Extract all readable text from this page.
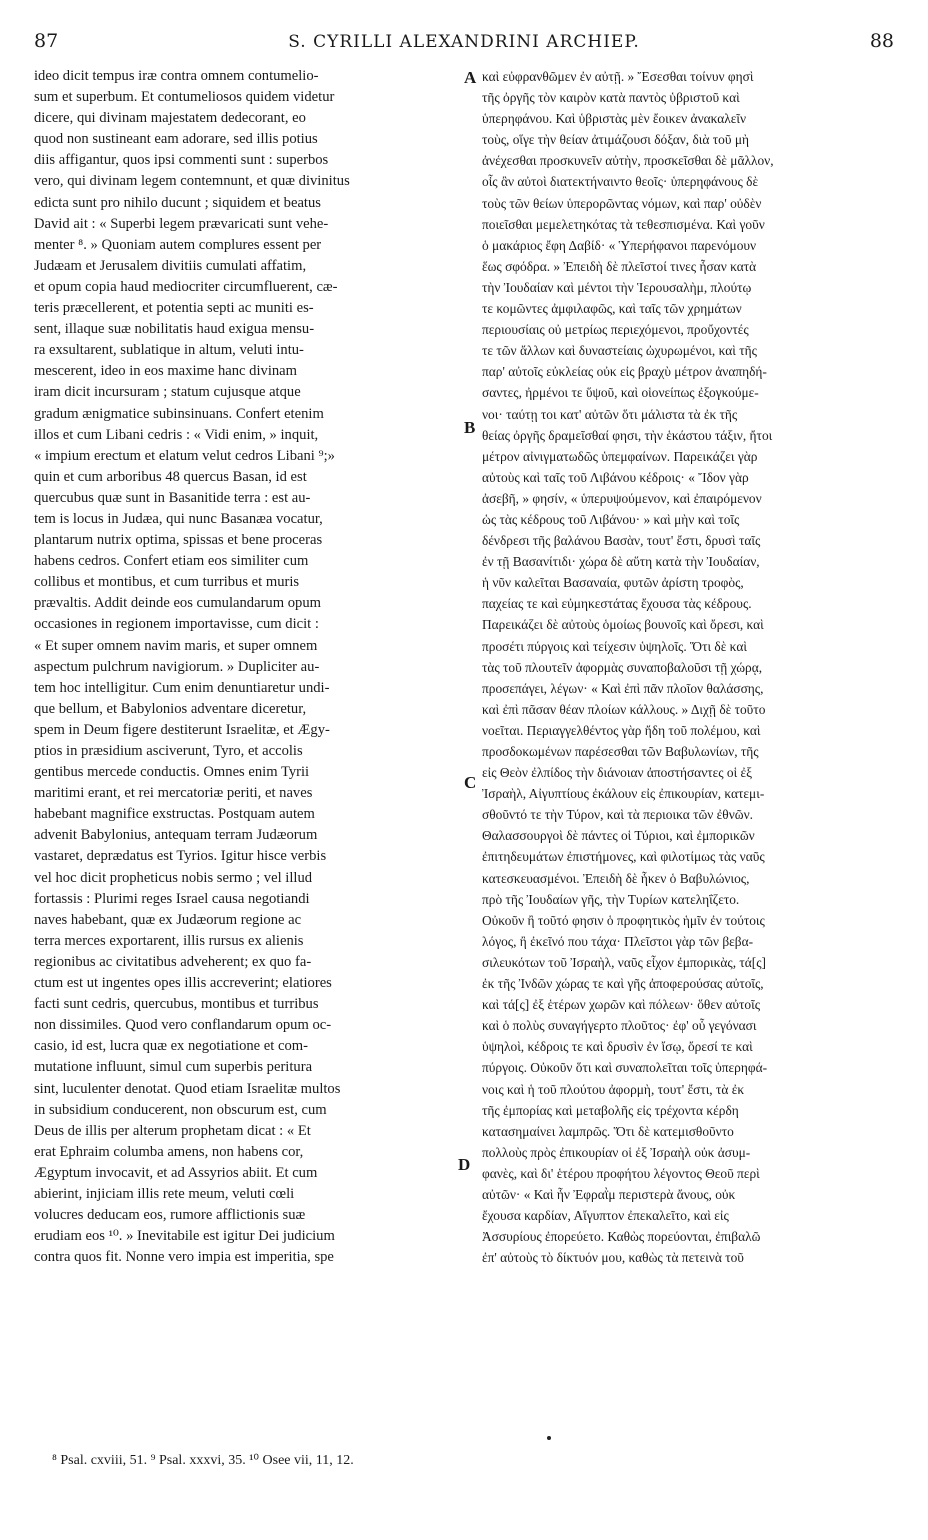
87	S. CYRILLI ALEXANDRINI ARCHIEP.	88
ideo dicit tempus iræ contra omnem contumelio-
sum et superbum. Et contumeliosos quidem videtur
dicere, qui divinam majestatem dedecorant, eo
quod non sustineant eam adorare, sed illis potius
diis affigantur, quos ipsi commenti sunt : superbos
vero, qui divinam legem contemnunt, et quæ divinitus
edicta sunt pro nihilo ducunt ; siquidem et beatus
David ait : « Superbi legem prævaricati sunt vehe-
menter ⁸. » Quoniam autem complures essent per
Judæam et Jerusalem divitiis cumulati affatim,
et opum copia haud mediocriter circumfluerent, cæ-
teris præcellerent, et potentia septi ac muniti es-
sent, illaque suæ nobilitatis haud exigua mensu-
ra exsultarent, sublatique in altum, veluti intu-
mescerent, ideo in eos maxime hanc divinam
iram dicit incursuram ; statum cujusque atque
gradum ænigmatice subinsinuans. Confert etenim
illos et cum Libani cedris : « Vidi enim, » inquit,
« impium erectum et elatum velut cedros Libani ⁹;»
quin et cum arboribus 48 quercus Basan, id est
quercubus quæ sunt in Basanitide terra : est au-
tem is locus in Judæa, qui nunc Basanæa vocatur,
plantarum nutrix optima, spissas et bene proceras
habens cedros. Confert etiam eos similiter cum
collibus et montibus, et cum turribus et muris
prævaltis. Addit deinde eos cumulandarum opum
occasiones in regionem importavisse, cum dicit :
« Et super omnem navim maris, et super omnem
aspectum pulchrum navigiorum. » Dupliciter au-
tem hoc intelligitur. Cum enim denuntiaretur undi-
que bellum, et Babylonios adventare diceretur,
spem in Deum figere destiterunt Israelitæ, et Ægy-
ptios in præsidium asciverunt, Tyro, et accolis
gentibus mercede conductis. Omnes enim Tyrii
maritimi erant, et rei mercatoriæ periti, et naves
habebant magnifice exstructas. Postquam autem
advenit Babylonius, antequam terram Judæorum
vastaret, deprædatus est Tyrios. Igitur hisce verbis
vel hoc dicit propheticus nobis sermo ; vel illud
fortassis : Plurimi reges Israel causa negotiandi
naves habebant, quæ ex Judæorum regione ac
terra merces exportarent, illis rursus ex alienis
regionibus ac civitatibus adveherent; ex quo fa-
ctum est ut ingentes opes illis accreverint; elatiores
facti sunt cedris, quercubus, montibus et turribus
non dissimiles. Quod vero conflandarum opum oc-
casio, id est, lucra quæ ex negotiatione et com-
mutatione influunt, simul cum superbis peritura
sint, luculenter denotat. Quod etiam Israelitæ multos
in subsidium conducerent, non obscurum est, cum
Deus de illis per alterum prophetam dicat : « Et
erat Ephraim columba amens, non habens cor,
Ægyptum invocavit, et ad Assyrios abiit. Et cum
abierint, injiciam illis rete meum, veluti cœli
volucres deducam eos, rumore afflictionis suæ
erudiam eos ¹⁰. » Inevitabile est igitur Dei judicium
contra quos fit. Nonne vero impia est imperitia, spe
καὶ εὐφρανθῶμεν ἐν αὐτῇ. » Ἔσεσθαι τοίνυν φησὶ
τῆς ὀργῆς τὸν καιρὸν κατὰ παντὸς ὑβριστοῦ καὶ
ὑπερηφάνου. Καὶ ὑβριστὰς μὲν ἔοικεν ἀνακαλεῖν
τοὺς, οἵγε τὴν θείαν ἀτιμάζουσι δόξαν, διὰ τοῦ μὴ
ἀνέχεσθαι προσκυνεῖν αὐτὴν, προσκεῖσθαι δὲ μᾶλλον,
οἷς ἂν αὐτοὶ διατεκτήναιντο θεοῖς· ὑπερηφάνους δὲ
τοὺς τῶν θείων ὑπερορῶντας νόμων, καὶ παρ' οὐδὲν
ποιεῖσθαι μεμελετηκότας τὰ τεθεσπισμένα. Καὶ γοῦν
ὁ μακάριος ἔφη Δαβίδ· « Ὑπερήφανοι παρενόμουν
ἕως σφόδρα. » Ἐπειδὴ δὲ πλεῖστοί τινες ἦσαν κατὰ
τὴν Ἰουδαίαν καὶ μέντοι τὴν Ἱερουσαλὴμ, πλούτῳ
τε κομῶντες ἀμφιλαφῶς, καὶ ταῖς τῶν χρημάτων
περιουσίαις οὐ μετρίως περιεχόμενοι, προὔχοντές
τε τῶν ἄλλων καὶ δυναστείαις ὠχυρωμένοι, καὶ τῆς
παρ' αὐτοῖς εὐκλείας οὐκ εἰς βραχὺ μέτρον ἀναπηδή-
σαντες, ἠρμένοι τε ὕψοῦ, καὶ οἱονείπως ἐξογκούμε-
νοι· ταύτῃ τοι κατ' αὐτῶν ὅτι μάλιστα τὰ ἐκ τῆς
θείας ὀργῆς δραμεῖσθαί φησι, τὴν ἑκάστου τάξιν, ἤτοι
μέτρον αἰνιγματωδῶς ὑπεμφαίνων. Παρεικάζει γὰρ
αὐτοὺς καὶ ταῖς τοῦ Λιβάνου κέδροις· « Ἴδον γὰρ
ἀσεβῆ, » φησίν, « ὑπερυψούμενον, καὶ ἐπαιρόμενον
ὡς τὰς κέδρους τοῦ Λιβάνου· » καὶ μὴν καὶ τοῖς
δένδρεσι τῆς βαλάνου Βασὰν, τουτ' ἔστι, δρυσὶ ταῖς
ἐν τῇ Βασανίτιδι· χώρα δὲ αὕτη κατὰ τὴν Ἰουδαίαν,
ἡ νῦν καλεῖται Βασαναία, φυτῶν ἀρίστη τροφὸς,
παχείας τε καὶ εὐμηκεστάτας ἔχουσα τὰς κέδρους.
Παρεικάζει δὲ αὐτοὺς ὁμοίως βουνοῖς καὶ ὄρεσι, καὶ
προσέτι πύργοις καὶ τείχεσιν ὑψηλοῖς. Ὅτι δὲ καὶ
τὰς τοῦ πλουτεῖν ἀφορμὰς συναποβαλοῦσι τῇ χώρᾳ,
προσεπάγει, λέγων· « Καὶ ἐπὶ πᾶν πλοῖον θαλάσσης,
καὶ ἐπὶ πᾶσαν θέαν πλοίων κάλλους. » Διχῇ δὲ τοῦτο
νοεῖται. Περιαγγελθέντος γὰρ ἤδη τοῦ πολέμου, καὶ
προσδοκωμένων παρέσεσθαι τῶν Βαβυλωνίων, τῆς
εἰς Θεὸν ἐλπίδος τὴν διάνοιαν ἀποστήσαντες οἱ ἐξ
Ἰσραὴλ, Αἰγυπτίους ἐκάλουν εἰς ἐπικουρίαν, κατεμι-
σθοῦντό τε τὴν Τύρον, καὶ τὰ περιοικα τῶν ἐθνῶν.
Θαλασσουργοὶ δὲ πάντες οἱ Τύριοι, καὶ ἐμπορικῶν
ἐπιτηδευμάτων ἐπιστήμονες, καὶ φιλοτίμως τὰς ναῦς
κατεσκευασμένοι. Ἐπειδὴ δὲ ἧκεν ὁ Βαβυλώνιος,
πρὸ τῆς Ἰουδαίων γῆς, τὴν Τυρίων κατεληΐζετο.
Οὐκοῦν ἢ τοῦτό φησιν ὁ προφητικὸς ἡμῖν ἐν τούτοις
λόγος, ἢ ἐκεῖνό που τάχα· Πλεῖστοι γὰρ τῶν βεβα-
σιλευκότων τοῦ Ἰσραὴλ, ναῦς εἶχον ἐμπορικὰς, τά[ς]
ἐκ τῆς Ἰνδῶν χώρας τε καὶ γῆς ἀποφερούσας αὐτοῖς,
καὶ τά[ς] ἐξ ἑτέρων χωρῶν καὶ πόλεων· ὅθεν αὐτοῖς
καὶ ὁ πολὺς συναγήγερτο πλοῦτος· ἐφ' οὗ γεγόνασι
ὑψηλοὶ, κέδροις τε καὶ δρυσὶν ἐν ἴσῳ, ὄρεσί τε καὶ
πύργοις. Οὐκοῦν ὅτι καὶ συναπολεῖται τοῖς ὑπερηφά-
νοις καὶ ἡ τοῦ πλούτου ἀφορμὴ, τουτ' ἔστι, τὰ ἐκ
τῆς ἐμπορίας καὶ μεταβολῆς εἰς τρέχοντα κέρδη
κατασημαίνει λαμπρῶς. Ὅτι δὲ κατεμισθοῦντο
πολλοὺς πρὸς ἐπικουρίαν οἱ ἐξ Ἰσραὴλ οὐκ ἀσυμ-
φανὲς, καὶ δι' ἑτέρου προφήτου λέγοντος Θεοῦ περὶ
αὐτῶν· « Καὶ ἦν Ἐφραῒμ περιστερὰ ἄνους, οὐκ
ἔχουσα καρδίαν, Αἴγυπτον ἐπεκαλεῖτο, καὶ εἰς
Ἀσσυρίους ἐπορεύετο. Καθὼς πορεύονται, ἐπιβαλῶ
ἐπ' αὐτοὺς τὸ δίκτυόν μου, καθὼς τὰ πετεινὰ τοῦ
A
B
C
D
⁸ Psal. cxviii, 51. ⁹ Psal. xxxvi, 35. ¹⁰ Osee vii, 11, 12.
